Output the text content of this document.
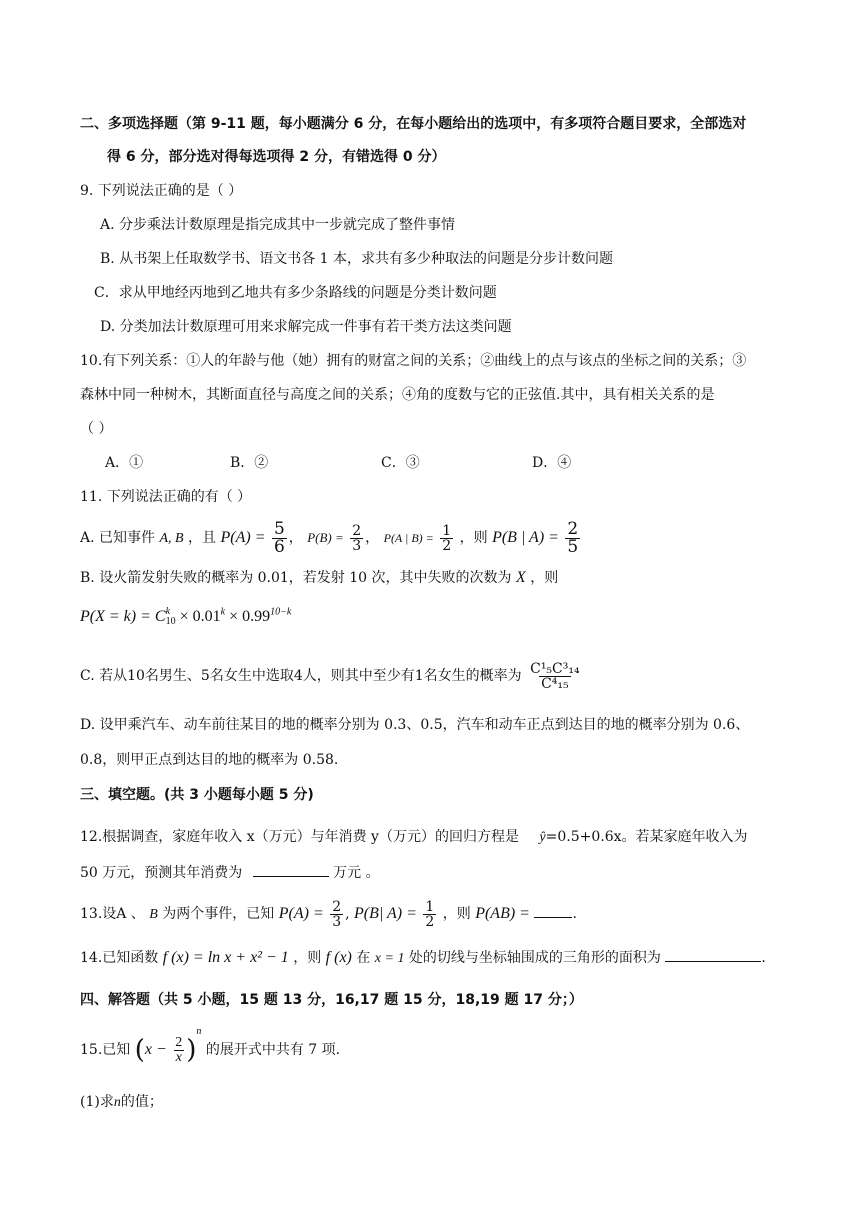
二、多项选择题（第 9-11 题，每小题满分 6 分，在每小题给出的选项中，有多项符合题目要求，全部选对
得 6 分，部分选对得每选项得 2 分，有错选得 0 分）
9. 下列说法正确的是（ ）
A. 分步乘法计数原理是指完成其中一步就完成了整件事情
B. 从书架上任取数学书、语文书各 1 本，求共有多少种取法的问题是分步计数问题
C．求从甲地经丙地到乙地共有多少条路线的问题是分类计数问题
D. 分类加法计数原理可用来求解完成一件事有若干类方法这类问题
10.有下列关系：①人的年龄与他（她）拥有的财富之间的关系；②曲线上的点与该点的坐标之间的关系；③
森林中同一种树木，其断面直径与高度之间的关系；④角的度数与它的正弦值.其中，具有相关关系的是
（ ）
A．①	B．②	C．③	D．④
11. 下列说法正确的有（ ）
A. 已知事件 A, B ，且 $P(A) = \frac{5}{6}$ ， $P(B) = \frac{2}{3}$ ， P(A | $B) = \frac{1}{2}$ ，则 P(B | $A) = \frac{2}{5}$
B. 设火箭发射失败的概率为 0.01，若发射 10 次，其中失败的次数为 X ，则
P(X = k) = C k
$10 \times 0.01^k \times 0.99^{10-k}$
C. 若从10名男生、5名女生中选取4人，则其中至少有1名女生的概率为 $\frac{\text{C¹₅C³₁₄}}{\text{C⁴₁₅}}$
D. 设甲乘汽车、动车前往某目的地的概率分别为 0.3、0.5，汽车和动车正点到达目的地的概率分别为 0.6、
0.8，则甲正点到达目的地的概率为 0.58.
三、填空题。(共 3 小题每小题 5 分)
12.根据调查，家庭年收入 x（万元）与年消费 y（万元）的回归方程是 ŷ=0.5+0.6x。若某家庭年收入为
50 万元，预测其年消费为	万元 。
13.设A 、 B 为两个事件，已知 $P(A) = \frac{2}{3}$ , P(B| $A) = \frac{1}{2}$ ，则 P(AB) =	.
14.已知函数 f (x) = ln x + x² − 1 ，则 f (x) 在 x = 1 处的切线与坐标轴围成的三角形的面积为	.
四、解答题（共 5 小题，15 题 13 分，16,17 题 15 分，18,19 题 17 分；）
15.已知 $(x - \frac{2}{x} )^n$ 的展开式中共有 7 项.
(1)求n的值；
